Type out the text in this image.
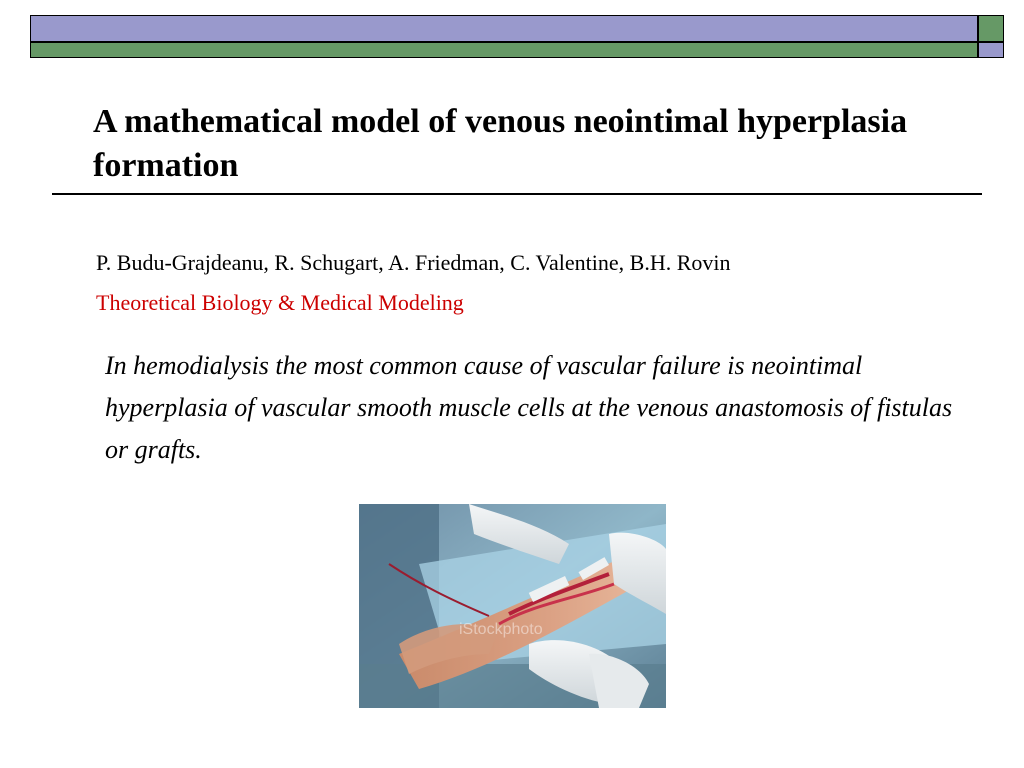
A mathematical model of venous neointimal hyperplasia formation
P. Budu-Grajdeanu, R. Schugart, A. Friedman, C. Valentine, B.H. Rovin
Theoretical Biology & Medical Modeling

In hemodialysis the most common cause of vascular failure is neointimal hyperplasia of vascular smooth muscle cells at the venous anastomosis of fistulas or grafts.

iStockphoto
